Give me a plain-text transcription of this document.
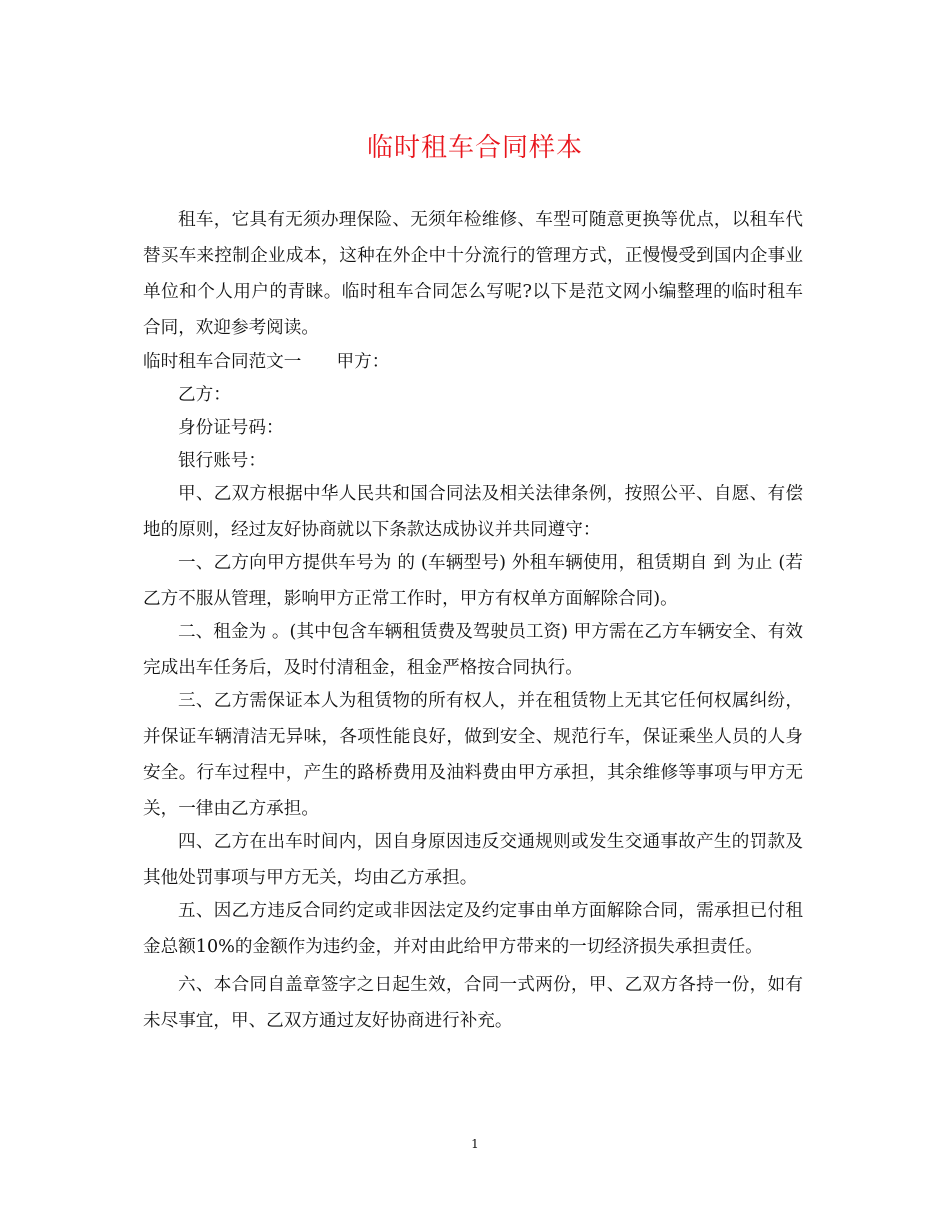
临时租车合同样本

租车，它具有无须办理保险、无须年检维修、车型可随意更换等优点，以租车代替买车来控制企业成本，这种在外企中十分流行的管理方式，正慢慢受到国内企事业单位和个人用户的青睐。临时租车合同怎么写呢?以下是范文网小编整理的临时租车合同，欢迎参考阅读。

临时租车合同范文一　　甲方：

乙方：

身份证号码：

银行账号：

甲、乙双方根据中华人民共和国合同法及相关法律条例，按照公平、自愿、有偿地的原则，经过友好协商就以下条款达成协议并共同遵守：

一、乙方向甲方提供车号为 的 (车辆型号) 外租车辆使用，租赁期自 到 为止 (若乙方不服从管理，影响甲方正常工作时，甲方有权单方面解除合同)。

二、租金为 。(其中包含车辆租赁费及驾驶员工资) 甲方需在乙方车辆安全、有效完成出车任务后，及时付清租金，租金严格按合同执行。

三、乙方需保证本人为租赁物的所有权人，并在租赁物上无其它任何权属纠纷，并保证车辆清洁无异味，各项性能良好，做到安全、规范行车，保证乘坐人员的人身安全。行车过程中，产生的路桥费用及油料费由甲方承担，其余维修等事项与甲方无关，一律由乙方承担。

四、乙方在出车时间内，因自身原因违反交通规则或发生交通事故产生的罚款及其他处罚事项与甲方无关，均由乙方承担。

五、因乙方违反合同约定或非因法定及约定事由单方面解除合同，需承担已付租金总额10%的金额作为违约金，并对由此给甲方带来的一切经济损失承担责任。

六、本合同自盖章签字之日起生效，合同一式两份，甲、乙双方各持一份，如有未尽事宜，甲、乙双方通过友好协商进行补充。

1
